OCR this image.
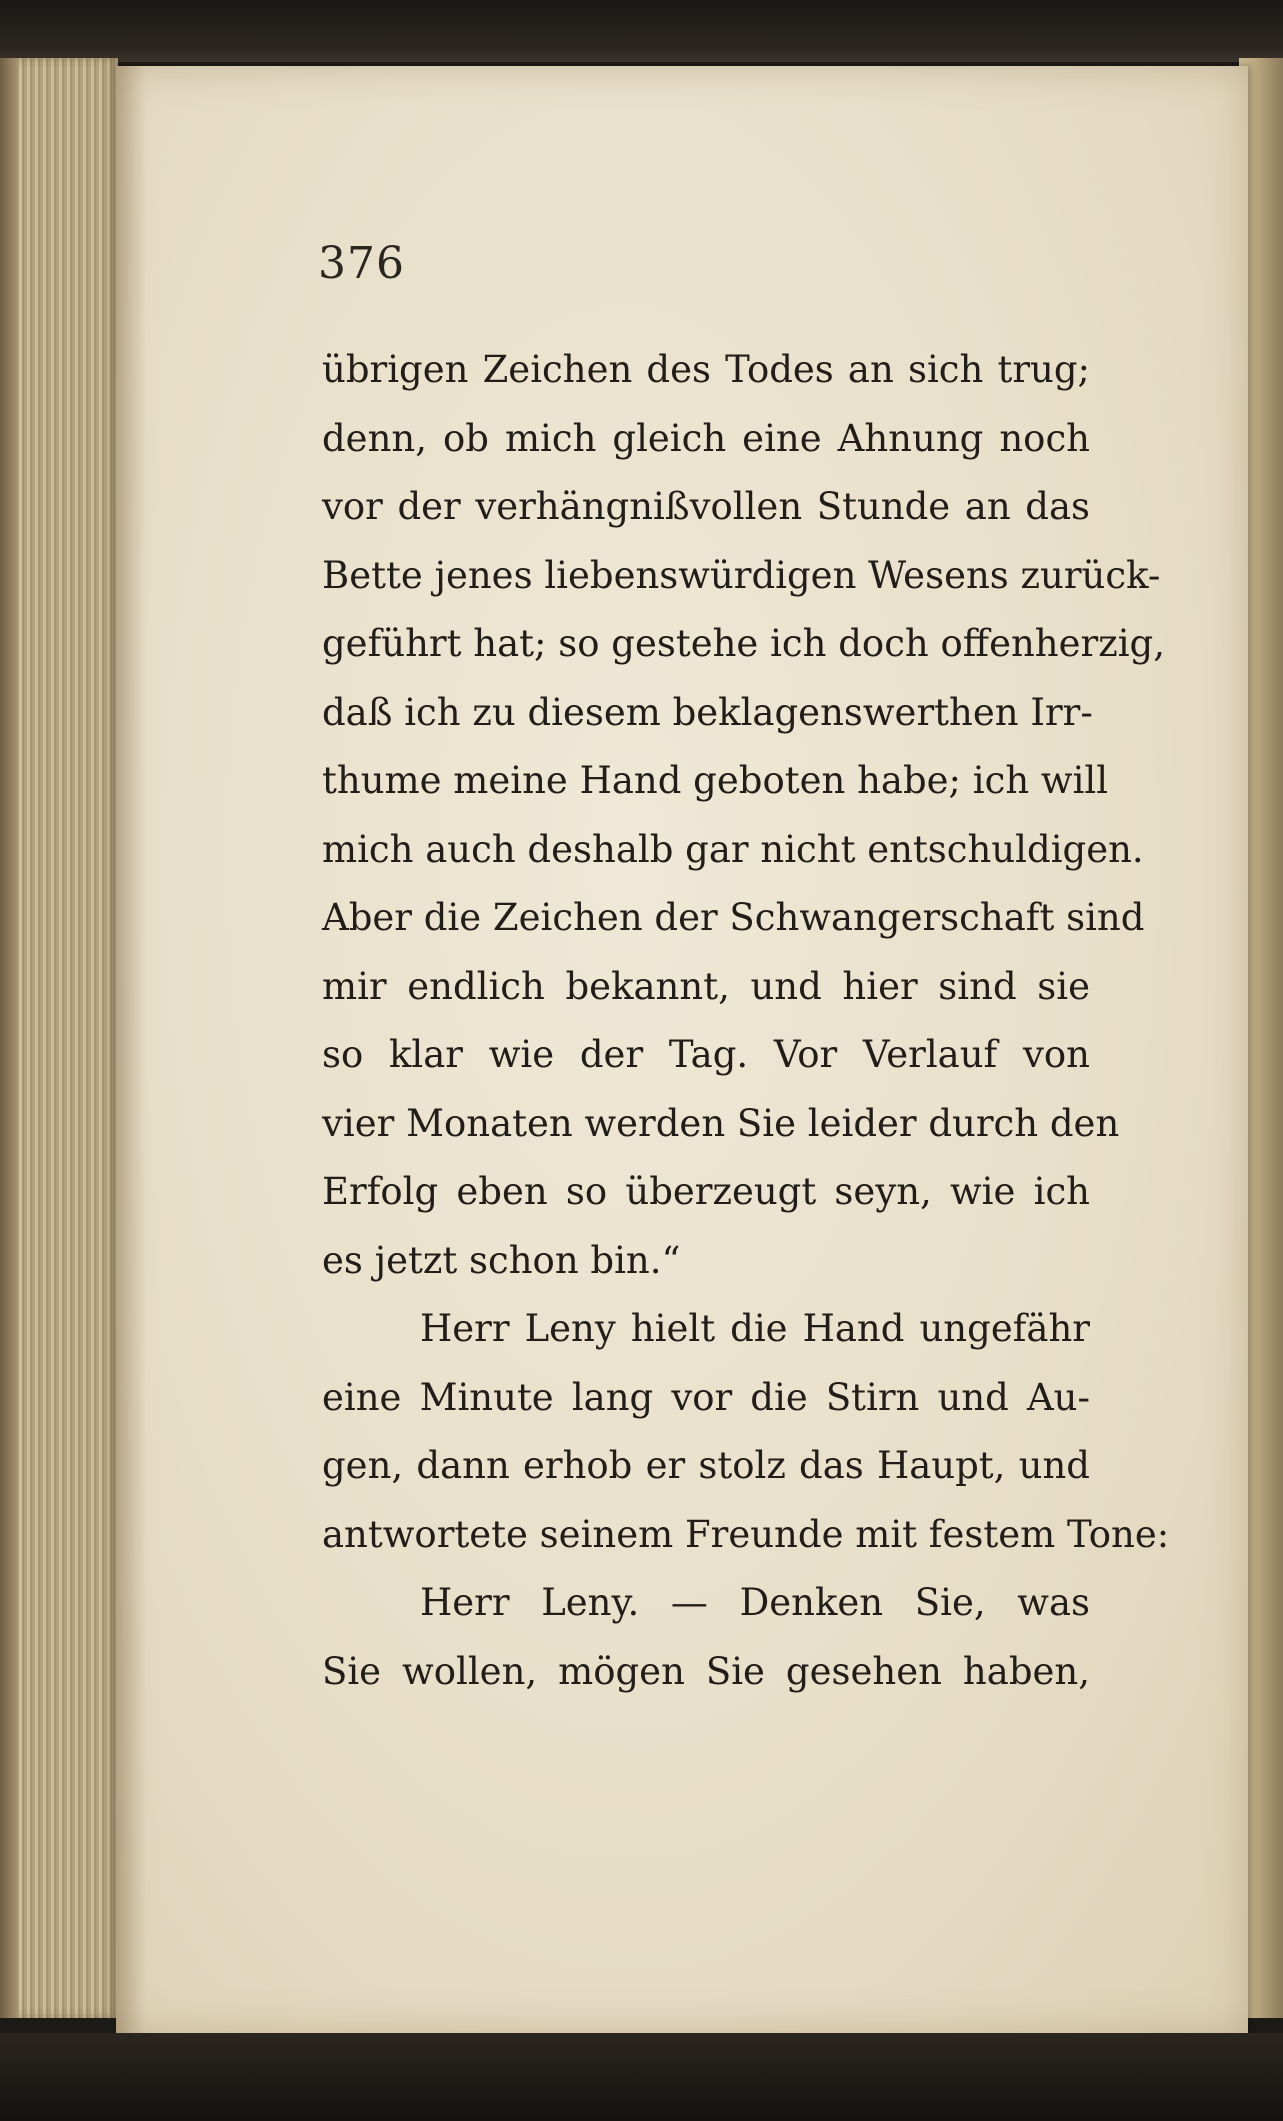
376
übrigen Zeichen des Todes an sich trug;
denn, ob mich gleich eine Ahnung noch
vor der verhängnißvollen Stunde an das
Bette jenes liebenswürdigen Wesens zurück-
geführt hat; so gestehe ich doch offenherzig,
daß ich zu diesem beklagenswerthen Irr-
thume meine Hand geboten habe; ich will
mich auch deshalb gar nicht entschuldigen.
Aber die Zeichen der Schwangerschaft sind
mir endlich bekannt, und hier sind sie
so klar wie der Tag. Vor Verlauf von
vier Monaten werden Sie leider durch den
Erfolg eben so überzeugt seyn, wie ich
es jetzt schon bin.“
Herr Leny hielt die Hand ungefähr
eine Minute lang vor die Stirn und Au-
gen, dann erhob er stolz das Haupt, und
antwortete seinem Freunde mit festem Tone:
Herr Leny. — Denken Sie, was
Sie wollen, mögen Sie gesehen haben,
